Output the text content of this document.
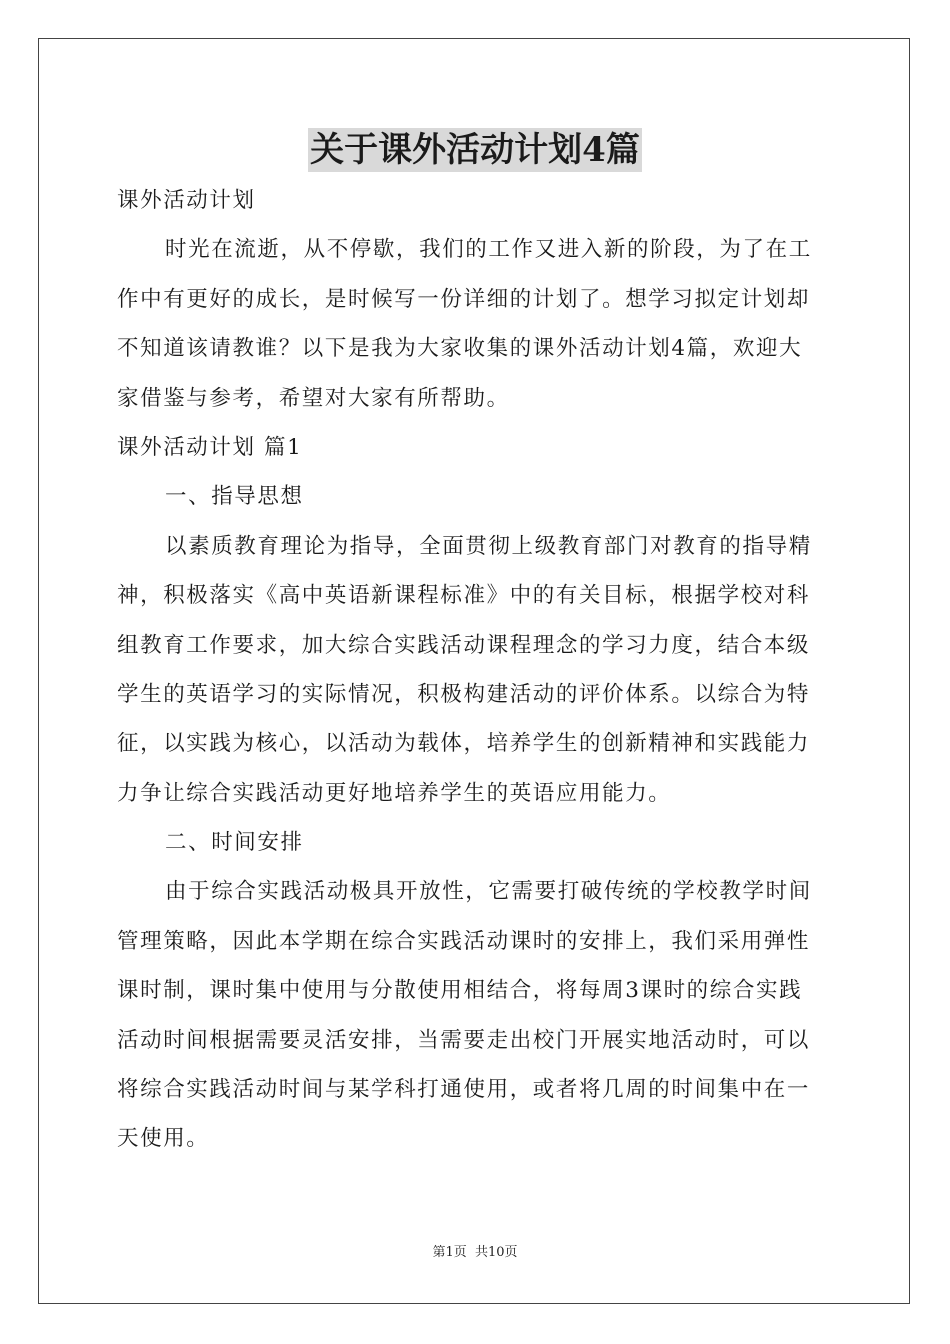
关于课外活动计划4篇
课外活动计划
时光在流逝，从不停歇，我们的工作又进入新的阶段，为了在工
作中有更好的成长，是时候写一份详细的计划了。想学习拟定计划却
不知道该请教谁？以下是我为大家收集的课外活动计划4篇，欢迎大
家借鉴与参考，希望对大家有所帮助。
课外活动计划 篇1
一、指导思想
以素质教育理论为指导，全面贯彻上级教育部门对教育的指导精
神，积极落实《高中英语新课程标准》中的有关目标，根据学校对科
组教育工作要求，加大综合实践活动课程理念的学习力度，结合本级
学生的英语学习的实际情况，积极构建活动的评价体系。以综合为特
征，以实践为核心，以活动为载体，培养学生的创新精神和实践能力
力争让综合实践活动更好地培养学生的英语应用能力。
二、时间安排
由于综合实践活动极具开放性，它需要打破传统的学校教学时间
管理策略，因此本学期在综合实践活动课时的安排上，我们采用弹性
课时制，课时集中使用与分散使用相结合，将每周3课时的综合实践
活动时间根据需要灵活安排，当需要走出校门开展实地活动时，可以
将综合实践活动时间与某学科打通使用，或者将几周的时间集中在一
天使用。
第1页 共10页
